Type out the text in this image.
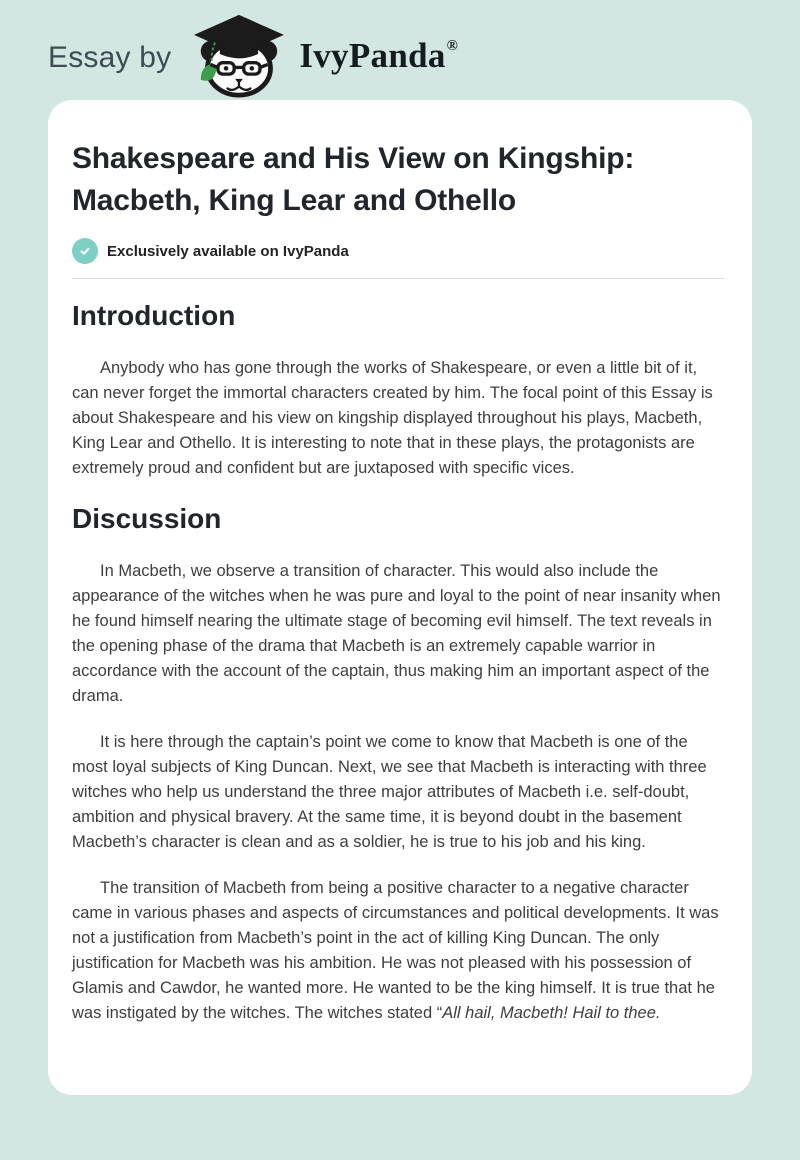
Essay by	IvyPanda®
Shakespeare and His View on Kingship: Macbeth, King Lear and Othello
Exclusively available on IvyPanda
Introduction

Anybody who has gone through the works of Shakespeare, or even a little bit of it, can never forget the immortal characters created by him. The focal point of this Essay is about Shakespeare and his view on kingship displayed throughout his plays, Macbeth, King Lear and Othello. It is interesting to note that in these plays, the protagonists are extremely proud and confident but are juxtaposed with specific vices.

Discussion

In Macbeth, we observe a transition of character. This would also include the appearance of the witches when he was pure and loyal to the point of near insanity when he found himself nearing the ultimate stage of becoming evil himself. The text reveals in the opening phase of the drama that Macbeth is an extremely capable warrior in accordance with the account of the captain, thus making him an important aspect of the drama.

It is here through the captain’s point we come to know that Macbeth is one of the most loyal subjects of King Duncan. Next, we see that Macbeth is interacting with three witches who help us understand the three major attributes of Macbeth i.e. self-doubt, ambition and physical bravery. At the same time, it is beyond doubt in the basement Macbeth’s character is clean and as a soldier, he is true to his job and his king.

The transition of Macbeth from being a positive character to a negative character came in various phases and aspects of circumstances and political developments. It was not a justification from Macbeth’s point in the act of killing King Duncan. The only justification for Macbeth was his ambition. He was not pleased with his possession of Glamis and Cawdor, he wanted more. He wanted to be the king himself. It is true that he was instigated by the witches. The witches stated “All hail, Macbeth! Hail to thee.
